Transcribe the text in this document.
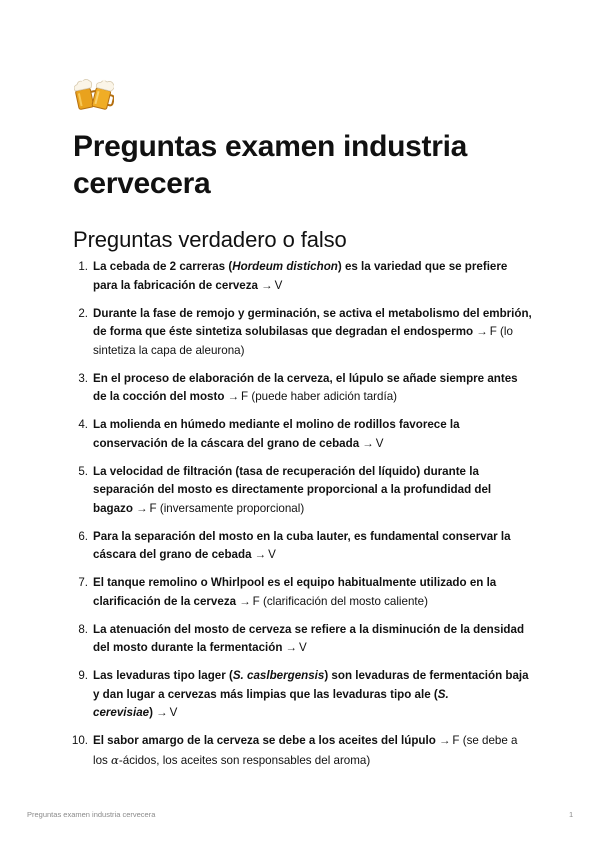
Preguntas examen industria cervecera
Preguntas verdadero o falso
1. La cebada de 2 carreras (Hordeum distichon) es la variedad que se prefiere para la fabricación de cerveza → V
2. Durante la fase de remojo y germinación, se activa el metabolismo del embrión, de forma que éste sintetiza solubilasas que degradan el endospermo → F (lo sintetiza la capa de aleurona)
3. En el proceso de elaboración de la cerveza, el lúpulo se añade siempre antes de la cocción del mosto → F (puede haber adición tardía)
4. La molienda en húmedo mediante el molino de rodillos favorece la conservación de la cáscara del grano de cebada → V
5. La velocidad de filtración (tasa de recuperación del líquido) durante la separación del mosto es directamente proporcional a la profundidad del bagazo → F (inversamente proporcional)
6. Para la separación del mosto en la cuba lauter, es fundamental conservar la cáscara del grano de cebada → V
7. El tanque remolino o Whirlpool es el equipo habitualmente utilizado en la clarificación de la cerveza → F (clarificación del mosto caliente)
8. La atenuación del mosto de cerveza se refiere a la disminución de la densidad del mosto durante la fermentación → V
9. Las levaduras tipo lager (S. caslbergensis) son levaduras de fermentación baja y dan lugar a cervezas más limpias que las levaduras tipo ale (S. cerevisiae) → V
10. El sabor amargo de la cerveza se debe a los aceites del lúpulo → F (se debe a los α-ácidos, los aceites son responsables del aroma)
Preguntas examen industria cervecera	1
